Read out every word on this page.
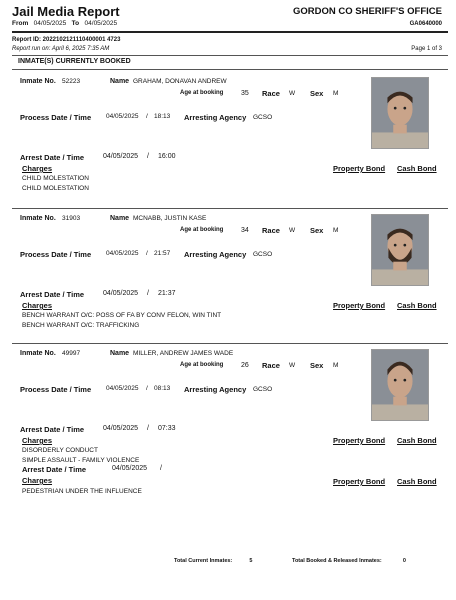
Jail Media Report	GORDON CO SHERIFF'S OFFICE
From 04/05/2025 To 04/05/2025	GA0640000
Report ID: 2022102121110400001 4723
Report run on: April 6, 2025 7:35 AM	Page 1 of 3
INMATE(S) CURRENTLY BOOKED
Inmate No. 52223	Name GRAHAM, DONAVAN ANDREW
Age at booking	35 Race W Sex M
Process Date / Time 04/05/2025 / 18:13 Arresting Agency GCSO
Arrest Date / Time	04/05/2025 / 16:00
Charges	Property Bond Cash Bond
CHILD MOLESTATION
CHILD MOLESTATION
Inmate No. 31903	Name MCNABB, JUSTIN KASE
Age at booking	34 Race W Sex M
Process Date / Time 04/05/2025 / 21:57 Arresting Agency GCSO
Arrest Date / Time	04/05/2025 / 21:37
Charges	Property Bond Cash Bond
BENCH WARRANT O/C: POSS OF FA BY CONV FELON, WIN TINT
BENCH WARRANT O/C: TRAFFICKING
Inmate No. 49997	Name MILLER, ANDREW JAMES WADE
Age at booking	26 Race W Sex M
Process Date / Time 04/05/2025 / 08:13 Arresting Agency GCSO
Arrest Date / Time	04/05/2025 / 07:33
Charges	Property Bond Cash Bond
DISORDERLY CONDUCT
SIMPLE ASSAULT - FAMILY VIOLENCE
Arrest Date / Time	04/05/2025 /
Charges	Property Bond Cash Bond
PEDESTRIAN UNDER THE INFLUENCE
Total Current Inmates:	5	Total Booked & Released Inmates:	0
